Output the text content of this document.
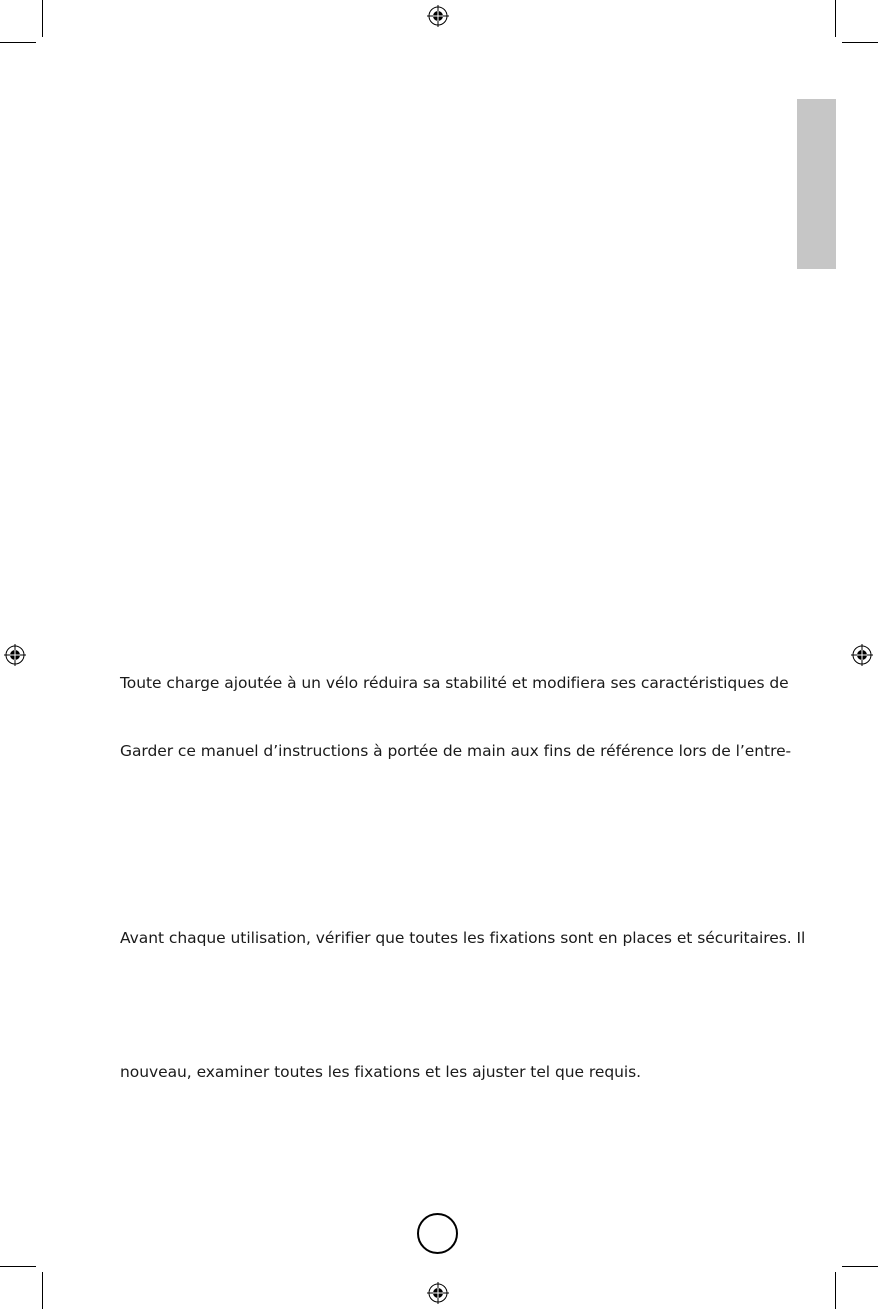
Toute charge ajoutée à un vélo réduira sa stabilité et modifiera ses caractéristiques de
Garder ce manuel d’instructions à portée de main aux fins de référence lors de l’entre-
Avant chaque utilisation, vérifier que toutes les fixations sont en places et sécuritaires. Il
nouveau, examiner toutes les fixations et les ajuster tel que requis.
